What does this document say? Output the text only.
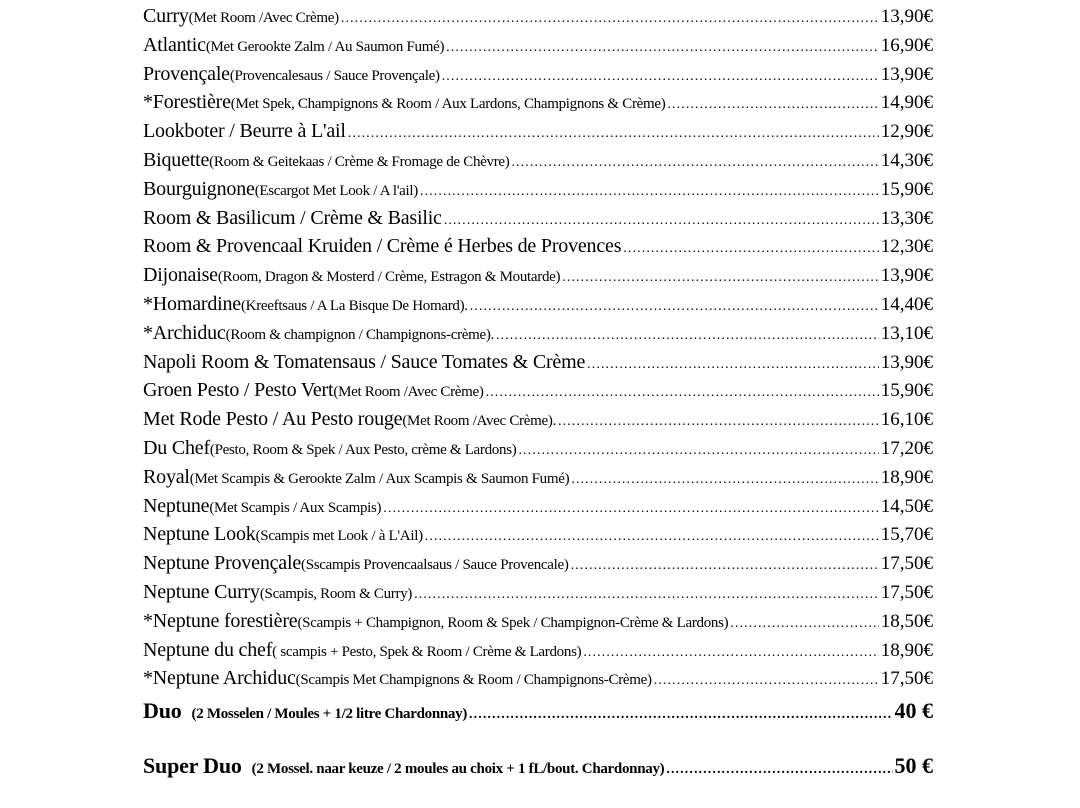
Curry (Met Room /Avec Crème) . . .	13,90€
Atlantic (Met Gerookte Zalm / Au Saumon Fumé) . . .	16,90€
Provençale (Provencalesaus / Sauce Provençale) . . .	13,90€
*Forestière (Met Spek, Champignons & Room / Aux Lardons, Champignons & Crème) . . .	14,90€
Lookboter / Beurre à L'ail . . .	12,90€
Biquette (Room & Geitekaas / Crème & Fromage de Chèvre) . . .	14,30€
Bourguignone (Escargot Met Look / A l'ail) . . .	15,90€
Room & Basilicum / Crème & Basilic . . .	13,30€
Room & Provencaal Kruiden / Crème é Herbes de Provences . . .	12,30€
Dijonaise (Room, Dragon & Mosterd / Crème, Estragon & Moutarde) . . .	13,90€
*Homardine (Kreeftsaus / A La Bisque De Homard). . . .	14,40€
*Archiduc (Room & champignon / Champignons-crème). . . .	13,10€
Napoli Room & Tomatensaus / Sauce Tomates & Crème . . .	13,90€
Groen Pesto / Pesto Vert (Met Room /Avec Crème) . . .	15,90€
Met Rode Pesto / Au Pesto rouge (Met Room /Avec Crème). . . .	16,10€
Du Chef (Pesto, Room & Spek / Aux Pesto, crème & Lardons) . . .	17,20€
Royal (Met Scampis & Gerookte Zalm / Aux Scampis & Saumon Fumé) . . .	18,90€
Neptune (Met Scampis / Aux Scampis) . . .	14,50€
Neptune Look (Scampis met Look / à L'Ail) . . .	15,70€
Neptune Provençale (Sscampis Provencaalsaus / Sauce Provencale) . . .	17,50€
Neptune Curry (Scampis, Room & Curry) . . .	17,50€
*Neptune forestière (Scampis + Champignon, Room & Spek / Champignon-Crème & Lardons) . . .	18,50€
Neptune du chef ( scampis + Pesto, Spek & Room / Crème & Lardons) . . .	18,90€
*Neptune Archiduc (Scampis Met Champignons & Room / Champignons-Crème) . . .	17,50€
Duo (2 Mosselen / Moules + 1/2 litre Chardonnay) . . .	40 €
Super Duo (2 Mossel. naar keuze / 2 moules au choix + 1 fL/bout. Chardonnay) . . .	50 €
